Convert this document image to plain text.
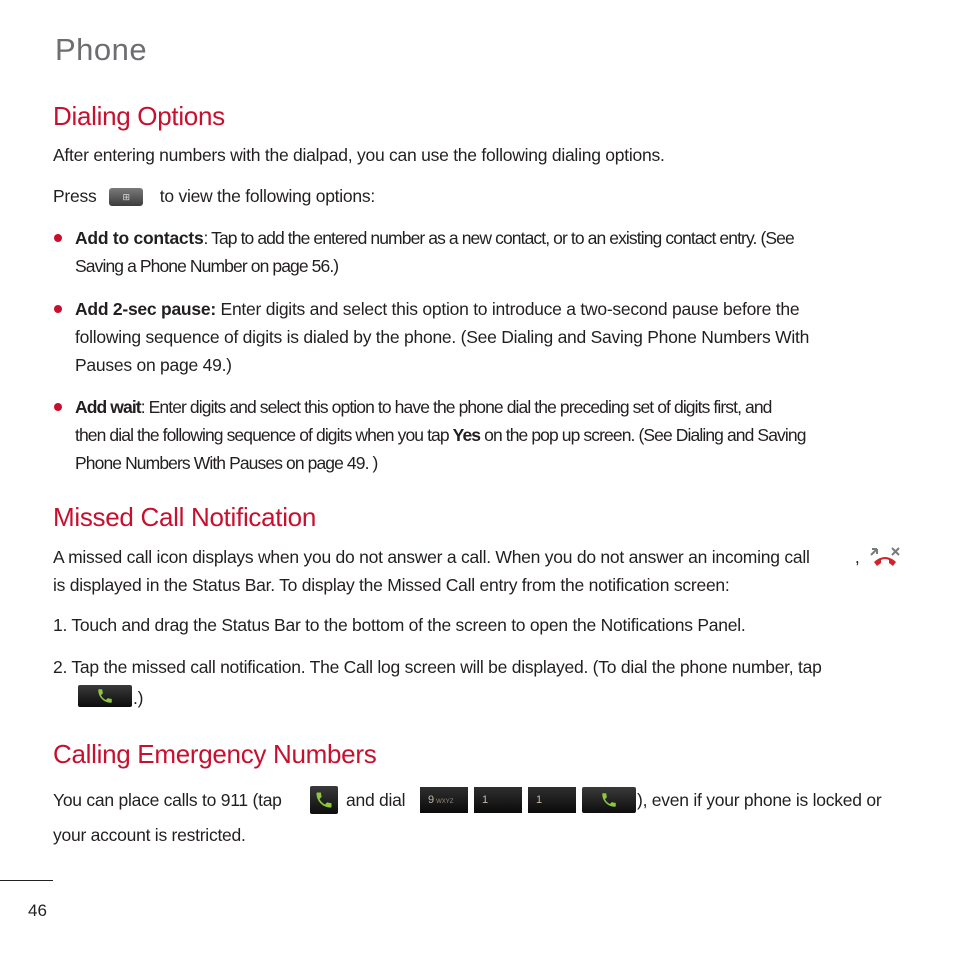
Phone
Dialing Options
After entering numbers with the dialpad, you can use the following dialing options.
Press	⊞ to view the following options:
Add to contacts: Tap to add the entered number as a new contact, or to an existing contact entry. (See
Saving a Phone Number on page 56.)
Add 2-sec pause: Enter digits and select this option to introduce a two-second pause before the
following sequence of digits is dialed by the phone. (See Dialing and Saving Phone Numbers With
Pauses on page 49.)
Add wait: Enter digits and select this option to have the phone dial the preceding set of digits first, and
then dial the following sequence of digits when you tap Yes on the pop up screen. (See Dialing and Saving
Phone Numbers With Pauses on page 49. )
Missed Call Notification
A missed call icon displays when you do not answer a call. When you do not answer an incoming call	,
is displayed in the Status Bar. To display the Missed Call entry from the notification screen:
1. Touch and drag the Status Bar to the bottom of the screen to open the Notifications Panel.
2. Tap the missed call notification. The Call log screen will be displayed. (To dial the phone number, tap
.)
Calling Emergency Numbers
You can place calls to 911 (tap	and dial	9 WXYZ	1	1	), even if your phone is locked or
your account is restricted.
46
